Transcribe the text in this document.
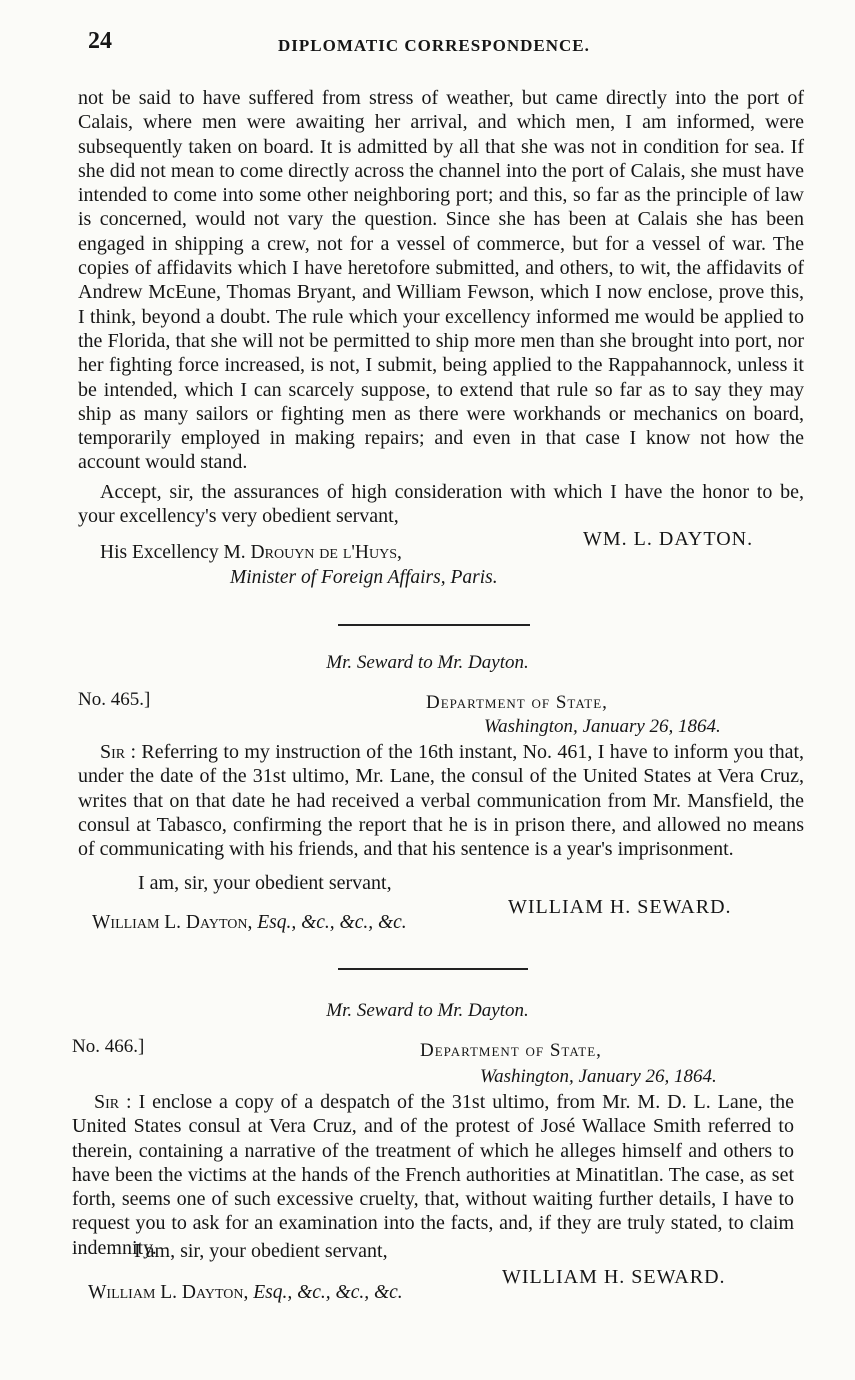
24	DIPLOMATIC CORRESPONDENCE.

not be said to have suffered from stress of weather, but came directly into the port of Calais, where men were awaiting her arrival, and which men, I am informed, were subsequently taken on board. It is admitted by all that she was not in condition for sea. If she did not mean to come directly across the channel into the port of Calais, she must have intended to come into some other neighboring port; and this, so far as the principle of law is concerned, would not vary the question. Since she has been at Calais she has been engaged in shipping a crew, not for a vessel of commerce, but for a vessel of war. The copies of affidavits which I have heretofore submitted, and others, to wit, the affidavits of Andrew McEune, Thomas Bryant, and William Fewson, which I now enclose, prove this, I think, beyond a doubt. The rule which your excellency informed me would be applied to the Florida, that she will not be permitted to ship more men than she brought into port, nor her fighting force increased, is not, I submit, being applied to the Rappahannock, unless it be intended, which I can scarcely suppose, to extend that rule so far as to say they may ship as many sailors or fighting men as there were workhands or mechanics on board, temporarily employed in making repairs; and even in that case I know not how the account would stand.

Accept, sir, the assurances of high consideration with which I have the honor to be, your excellency's very obedient servant,

WM. L. DAYTON.
His Excellency M. Drouyn de l'Huys,
Minister of Foreign Affairs, Paris.
Mr. Seward to Mr. Dayton.
No. 465.]	Department of State,
Washington, January 26, 1864.

Sir : Referring to my instruction of the 16th instant, No. 461, I have to inform you that, under the date of the 31st ultimo, Mr. Lane, the consul of the United States at Vera Cruz, writes that on that date he had received a verbal communication from Mr. Mansfield, the consul at Tabasco, confirming the report that he is in prison there, and allowed no means of communicating with his friends, and that his sentence is a year's imprisonment.

I am, sir, your obedient servant,
WILLIAM H. SEWARD.
William L. Dayton, Esq., &c., &c., &c.
Mr. Seward to Mr. Dayton.
No. 466.]	Department of State,
Washington, January 26, 1864.

Sir : I enclose a copy of a despatch of the 31st ultimo, from Mr. M. D. L. Lane, the United States consul at Vera Cruz, and of the protest of José Wallace Smith referred to therein, containing a narrative of the treatment of which he alleges himself and others to have been the victims at the hands of the French authorities at Minatitlan. The case, as set forth, seems one of such excessive cruelty, that, without waiting further details, I have to request you to ask for an examination into the facts, and, if they are truly stated, to claim indemnity.

I am, sir, your obedient servant,
WILLIAM H. SEWARD.
William L. Dayton, Esq., &c., &c., &c.
